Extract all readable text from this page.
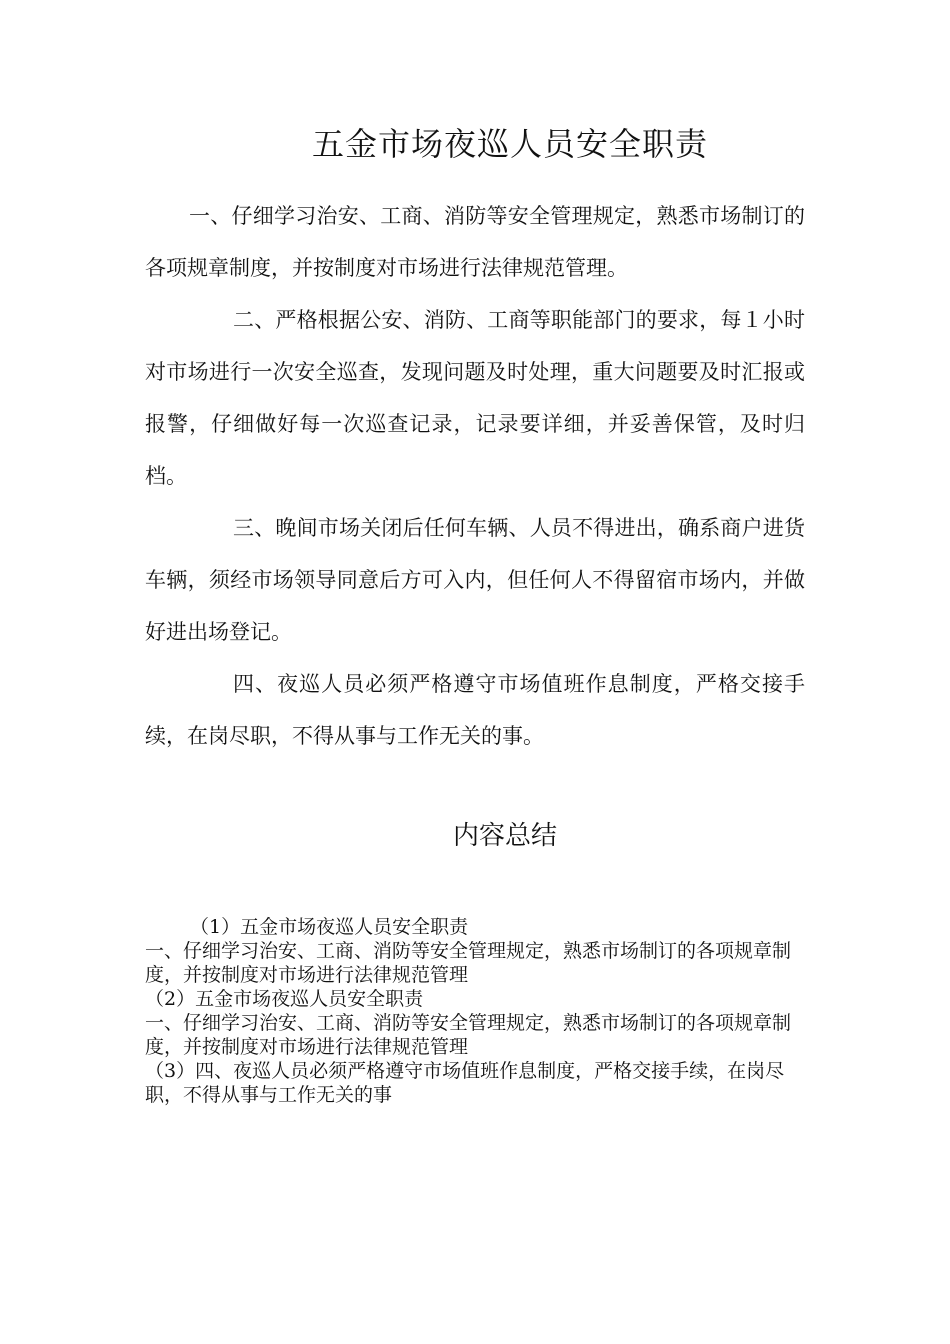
五金市场夜巡人员安全职责

一、仔细学习治安、工商、消防等安全管理规定，熟悉市场制订的各项规章制度，并按制度对市场进行法律规范管理。

二、严格根据公安、消防、工商等职能部门的要求，每１小时对市场进行一次安全巡查，发现问题及时处理，重大问题要及时汇报或报警，仔细做好每一次巡查记录，记录要详细，并妥善保管，及时归档。

三、晚间市场关闭后任何车辆、人员不得进出，确系商户进货车辆，须经市场领导同意后方可入内，但任何人不得留宿市场内，并做好进出场登记。

四、夜巡人员必须严格遵守市场值班作息制度，严格交接手续，在岗尽职，不得从事与工作无关的事。

内容总结

（1）五金市场夜巡人员安全职责

一、仔细学习治安、工商、消防等安全管理规定，熟悉市场制订的各项规章制度，并按制度对市场进行法律规范管理

（2）五金市场夜巡人员安全职责

一、仔细学习治安、工商、消防等安全管理规定，熟悉市场制订的各项规章制度，并按制度对市场进行法律规范管理

（3）四、夜巡人员必须严格遵守市场值班作息制度，严格交接手续，在岗尽职，不得从事与工作无关的事
